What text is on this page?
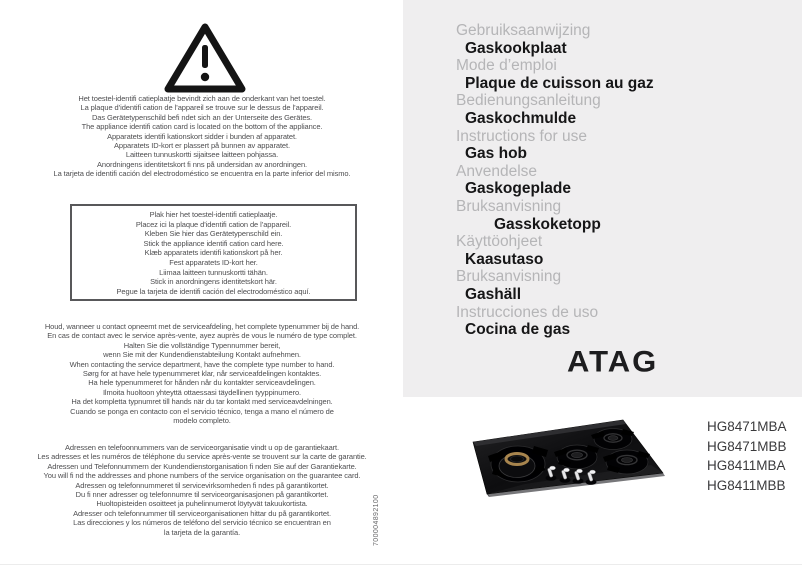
Het toestel-identifi catieplaatje bevindt zich aan de onderkant van het toestel.
La plaque d’identifi cation de l’appareil se trouve sur le dessus de l’appareil.
Das Gerätetypenschild befi ndet sich an der Unterseite des Gerätes.
The appliance identifi cation card is located on the bottom of the appliance.
Apparatets identifi kationskort sidder i bunden af apparatet.
Apparatets ID-kort er plassert på bunnen av apparatet.
Laitteen tunnuskortti sijaitsee laitteen pohjassa.
Anordningens identitetskort fi nns på undersidan av anordningen.
La tarjeta de identifi cación del electrodoméstico se encuentra en la parte inferior del mismo.
Plak hier het toestel-identifi catieplaatje.
Placez ici la plaque d’identifi cation de l’appareil.
Kleben Sie hier das Gerätetypenschild ein.
Stick the appliance identifi cation card here.
Klæb apparatets identifi kationskort på her.
Fest apparatets ID-kort her.
Liimaa laitteen tunnuskortti tähän.
Stick in anordningens identitetskort här.
Pegue la tarjeta de identifi cación del electrodoméstico aquí.
Houd, wanneer u contact opneemt met de serviceafdeling, het complete typenummer bij de hand.
En cas de contact avec le service après-vente, ayez auprès de vous le numéro de type complet.
Halten Sie die vollständige Typennummer bereit,
wenn Sie mit der Kundendienstabteilung Kontakt aufnehmen.
When contacting the service department, have the complete type number to hand.
Sørg for at have hele typenummeret klar, når serviceafdelingen kontaktes.
Ha hele typenummeret for hånden når du kontakter serviceavdelingen.
Ilmoita huoltoon yhteyttä ottaessasi täydellinen tyyppinumero.
Ha det kompletta typnumret till hands när du tar kontakt med serviceavdelningen.
Cuando se ponga en contacto con el servicio técnico, tenga a mano el número de
modelo completo.
Adressen en telefoonnummers van de serviceorganisatie vindt u op de garantiekaart.
Les adresses et les numéros de téléphone du service après-vente se trouvent sur la carte de garantie.
Adressen und Telefonnummern der Kundendienstorganisation fi nden Sie auf der Garantiekarte.
You will fi nd the addresses and phone numbers of the service organisation on the guarantee card.
Adressen og telefonnummeret til servicevirksomheden fi ndes på garantikortet.
Du fi nner adresser og telefonnumre til serviceorganisasjonen på garantikortet.
Huoltopisteiden osoitteet ja puhelinnumerot löytyvät takuukortista.
Adresser och telefonnummer till serviceorganisationen hittar du på garantikortet.
Las direcciones y los números de teléfono del servicio técnico se encuentran en
la tarjeta de la garantía.	700004892100
Gebruiksaanwijzing
Gaskookplaat
Mode d’emploi
Plaque de cuisson au gaz
Bedienungsanleitung
Gaskochmulde
Instructions for use
Gas hob
Anvendelse
Gaskogeplade
Bruksanvisning
Gasskoketopp
Käyttöohjeet
Kaasutaso
Bruksanvisning
Gashäll
Instrucciones de uso
Cocina de gas
ATAG
HG8471MBA
HG8471MBB
HG8411MBA
HG8411MBB
